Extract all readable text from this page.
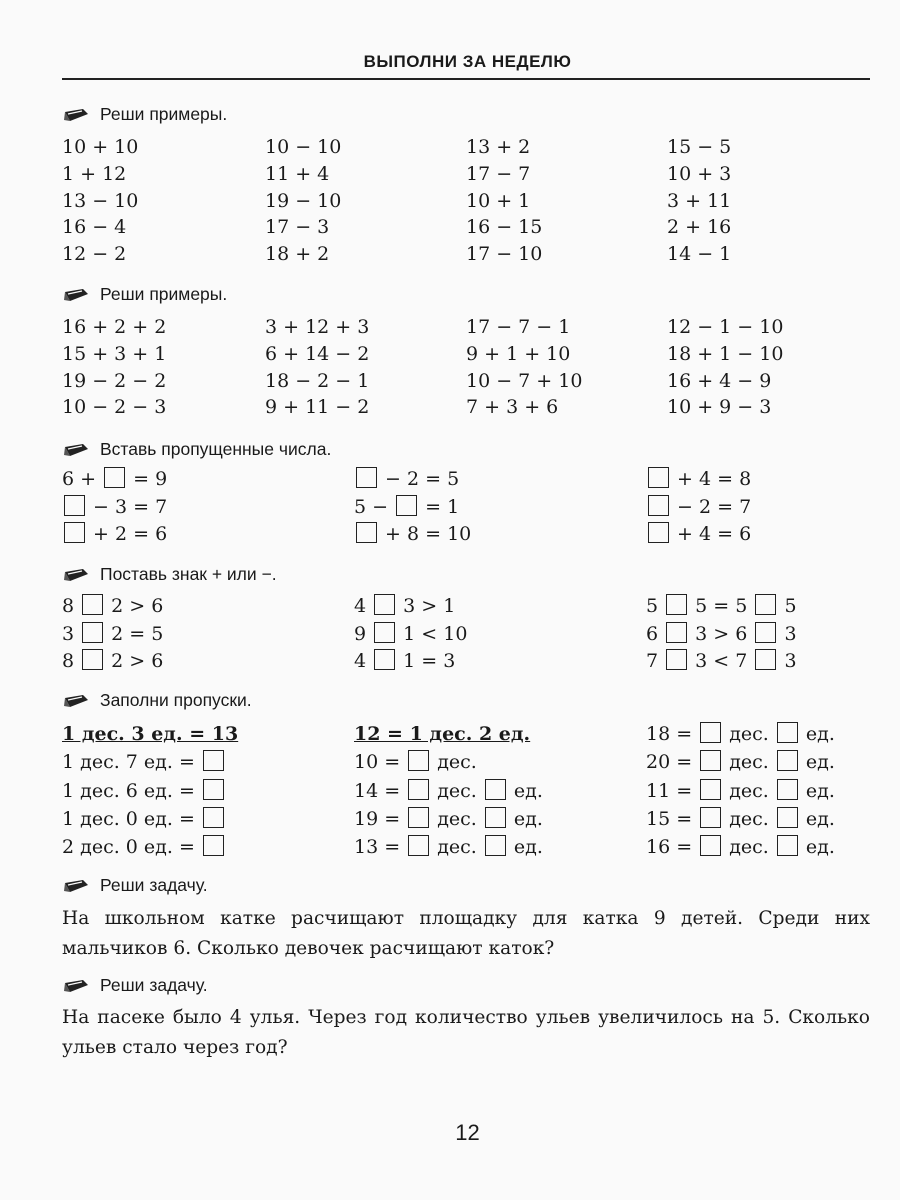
ВЫПОЛНИ ЗА НЕДЕЛЮ
Реши примеры.
10 + 10	10 − 10	13 + 2	15 − 5
1 + 12	11 + 4	17 − 7	10 + 3
13 − 10	19 − 10	10 + 1	3 + 11
16 − 4	17 − 3	16 − 15	2 + 16
12 − 2	18 + 2	17 − 10	14 − 1
Реши примеры.
16 + 2 + 2	3 + 12 + 3	17 − 7 − 1	12 − 1 − 10
15 + 3 + 1	6 + 14 − 2	9 + 1 + 10	18 + 1 − 10
19 − 2 − 2	18 − 2 − 1	10 − 7 + 10	16 + 4 − 9
10 − 2 − 3	9 + 11 − 2	7 + 3 + 6	10 + 9 − 3
Вставь пропущенные числа.
6 +  = 9	− 2 = 5	+ 4 = 8
− 3 = 7	5 −  = 1	− 2 = 7
+ 2 = 6	+ 8 = 10	+ 4 = 6
Поставь знак + или −.
8  2 > 6	4  3 > 1	5  5 = 5  5
3  2 = 5	9  1 < 10	6  3 > 6  3
8  2 > 6	4  1 = 3	7  3 < 7  3
Заполни пропуски.
1 дес. 3 ед. = 13	12 = 1 дес. 2 ед.	18 =  дес.  ед.
1 дес. 7 ед. =	10 =  дес.	20 =  дес.  ед.
1 дес. 6 ед. =	14 =  дес.  ед.	11 =  дес.  ед.
1 дес. 0 ед. =	19 =  дес.  ед.	15 =  дес.  ед.
2 дес. 0 ед. =	13 =  дес.  ед.	16 =  дес.  ед.
Реши задачу.
На школьном катке расчищают площадку для катка 9 детей. Среди них мальчиков 6. Сколько девочек расчищают каток?
Реши задачу.
На пасеке было 4 улья. Через год количество ульев увеличилось на 5. Сколько ульев стало через год?
12
